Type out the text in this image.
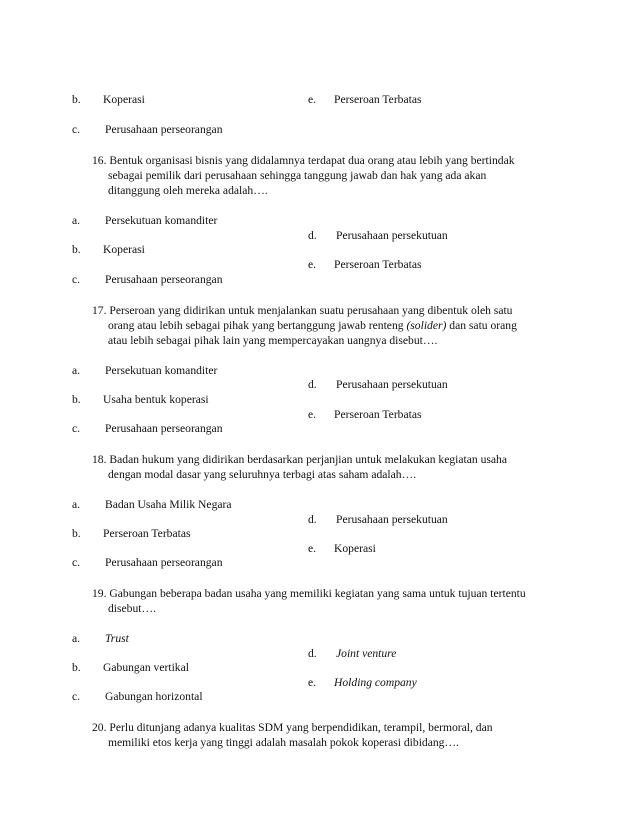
b. Koperasi	e. Perseroan Terbatas
c. Perusahaan perseorangan
16. Bentuk organisasi bisnis yang didalamnya terdapat dua orang atau lebih yang bertindak
sebagai pemilik dari perusahaan sehingga tanggung jawab dan hak yang ada akan
ditanggung oleh mereka adalah….
a. Persekutuan komanditer
d. Perusahaan persekutuan
b. Koperasi
e. Perseroan Terbatas
c. Perusahaan perseorangan
17. Perseroan yang didirikan untuk menjalankan suatu perusahaan yang dibentuk oleh satu
orang atau lebih sebagai pihak yang bertanggung jawab renteng (solider) dan satu orang
atau lebih sebagai pihak lain yang mempercayakan uangnya disebut….
a. Persekutuan komanditer
d. Perusahaan persekutuan
b. Usaha bentuk koperasi
e. Perseroan Terbatas
c. Perusahaan perseorangan
18. Badan hukum yang didirikan berdasarkan perjanjian untuk melakukan kegiatan usaha
dengan modal dasar yang seluruhnya terbagi atas saham adalah….
a. Badan Usaha Milik Negara
d. Perusahaan persekutuan
b. Perseroan Terbatas
e. Koperasi
c. Perusahaan perseorangan
19. Gabungan beberapa badan usaha yang memiliki kegiatan yang sama untuk tujuan tertentu
disebut….
a. Trust
d. Joint venture
b. Gabungan vertikal
e. Holding company
c. Gabungan horizontal
20. Perlu ditunjang adanya kualitas SDM yang berpendidikan, terampil, bermoral, dan
memiliki etos kerja yang tinggi adalah masalah pokok koperasi dibidang….
